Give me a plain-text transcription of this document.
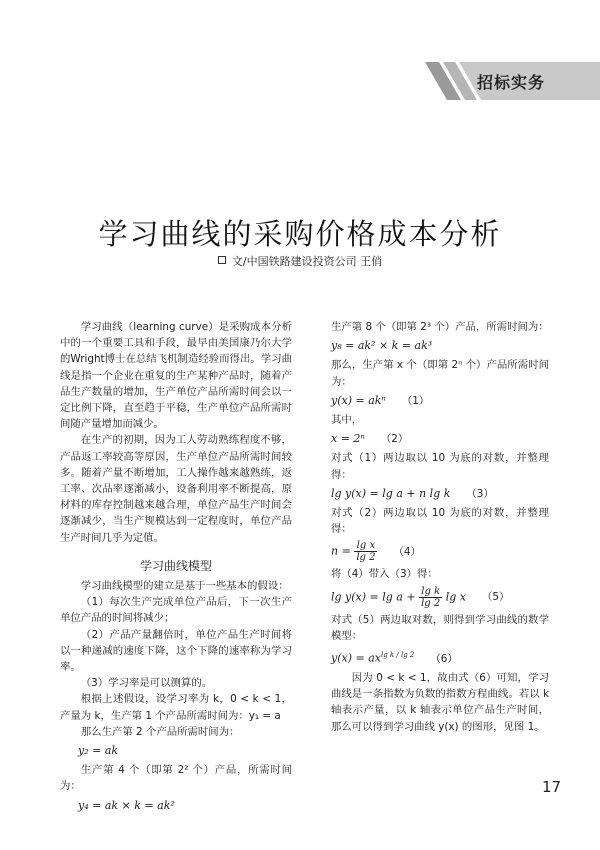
招标实务
学习曲线的采购价格成本分析
文/中国铁路建设投资公司 王俏

学习曲线（learning curve）是采购成本分析中的一个重要工具和手段，最早由美国康乃尔大学的Wright博士在总结飞机制造经验而得出。学习曲线是指一个企业在重复的生产某种产品时，随着产品生产数量的增加，生产单位产品所需时间会以一定比例下降，直至趋于平稳，生产单位产品所需时间随产量增加而减少。

在生产的初期，因为工人劳动熟练程度不够，产品返工率较高等原因，生产单位产品所需时间较多。随着产量不断增加，工人操作越来越熟练，返工率、次品率逐渐减小，设备利用率不断提高，原材料的库存控制越来越合理，单位产品生产时间会逐渐减少，当生产规模达到一定程度时，单位产品生产时间几乎为定值。

学习曲线模型

学习曲线模型的建立是基于一些基本的假设：

（1）每次生产完成单位产品后，下一次生产单位产品的时间将减少；

（2）产品产量翻倍时，单位产品生产时间将以一种递减的速度下降，这个下降的速率称为学习率。

（3）学习率是可以测算的。

根据上述假设，设学习率为 k，0 < k < 1，产量为 k，生产第 1 个产品所需时间为：y₁ = a

那么生产第 2 个产品所需时间为：

y₂ = ak

生产第 4 个（即第 2² 个）产品，所需时间为：

y₄ = ak × k = ak²

生产第 8 个（即第 2³ 个）产品，所需时间为：

y₈ = ak² × k = ak³

那么，生产第 x 个（即第 2ⁿ 个）产品所需时间为：

y(x) = akⁿ （1）

其中，

x = 2ⁿ （2）

对式（1）两边取以 10 为底的对数，并整理得：

lg y(x) = lg a + n lg k （3）

对式（2）两边取以 10 为底的对数，并整理得：

$n = \frac{\text{lg x}}{\lg 2} (4)$

将（4）带入（3）得：

$\lg y(x) = \lg a + \frac{\text{lg k}}{\lg 2}$ lg x （5）

对式（5）两边取对数，则得到学习曲线的数学模型：

$y(x) = ax^{lg k / lg 2}$ （6）

因为 0 < k < 1，故由式（6）可知，学习曲线是一条指数为负数的指数方程曲线。若以 k 轴表示产量，以 k 轴表示单位产品生产时间，那么可以得到学习曲线 y(x) 的图形，见图 1。

17
